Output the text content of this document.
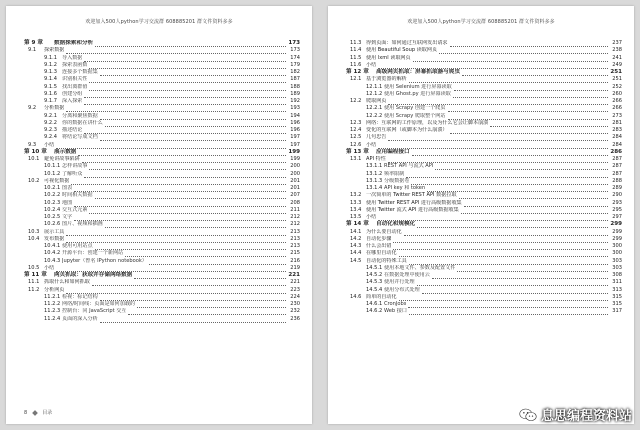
欢迎加入500人python学习交流群 608885201 群文件资料多多
第 9 章 数据探索和分析	173
9.1 探索数据	173
9.1.1 导入数据	174
9.1.2 探索表函数	179
9.1.3 连接多个数据集	182
9.1.4 识别相关性	187
9.1.5 找出离群值	188
9.1.6 创建分组	189
9.1.7 深入探索	192
9.2 分析数据	193
9.2.1 分离和聚焦数据	194
9.2.2 你的数据在讲什么	196
9.2.3 描述结论	196
9.2.4 将结论写成文档	197
9.3 小结	197
第 10 章 展示数据	199
10.1 避免讲故事陷阱	199
10.1.1 怎样讲故事	200
10.1.2 了解听众	200
10.2 可视化数据	201
10.2.1 图表	201
10.2.2 时间相关数据	207
10.2.3 地图	208
10.2.4 交互式元素	211
10.2.5 文字	212
10.2.6 图片、视频和插画	212
10.3 展示工具	213
10.4 发布数据	213
10.4.1 使用可用站点	213
10.4.2 开源平台：创建一个新网站	215
10.4.3 Jupyter（曾名 IPython notebook）	216
10.5 小结	219
第 11 章 网页抓取：获取并存储网络数据	221
11.1 抓取什么和如何抓取	221
11.2 分析网页	223
11.2.1 检视：标记结构	224
11.2.2 网络/时间线：页面是如何加载的	230
11.2.3 控制台：同 JavaScript 交互	232
11.2.4 页面的深入分析	236
8	目录
欢迎加入500人python学习交流群 608885201 群文件资料多多
11.3 得到页面：如何通过互联网发出请求	237
11.4 使用 Beautiful Soup 读取网页	238
11.5 使用 lxml 读取网页	241
11.6 小结	249
第 12 章 高级网页抓取：屏幕抓取器与爬虫	251
12.1 基于浏览器的解析	251
12.1.1 使用 Selenium 进行屏幕读取	252
12.1.2 使用 Ghost.py 进行屏幕读取	260
12.2 爬取网页	266
12.2.1 使用 Scrapy 创建一个爬虫	266
12.2.2 使用 Scrapy 爬取整个网站	273
12.3 网络：互联网的工作原理，以及为什么它会让脚本崩溃	281
12.4 变化的互联网（或脚本为什么崩溃）	283
12.5 几句忠告	284
12.6 小结	284
第 13 章 应用编程接口	286
13.1 API 特性	287
13.1.1 REST API 与流式 API	287
13.1.2 频率限制	287
13.1.3 分级数据卷	288
13.1.4 API key 和 token	289
13.2 一次简单的 Twitter REST API 数据拉取	290
13.3 使用 Twitter REST API 进行高级数据收集	293
13.4 使用 Twitter 流式 API 进行高级数据收集	295
13.5 小结	297
第 14 章 自动化和规模化	299
14.1 为什么要自动化	299
14.2 自动化步骤	299
14.3 什么会出错	300
14.4 在哪里自动化	300
14.5 自动化的特殊工具	303
14.5.1 使用本地文件、参数及配置文件	303
14.5.2 在数据处理中使用云	308
14.5.3 使用并行处理	311
14.5.4 使用分布式处理	313
14.6 简单的自动化	315
14.6.1 CronJobs	315
14.6.2 Web 接口	317
息思编程资料站
